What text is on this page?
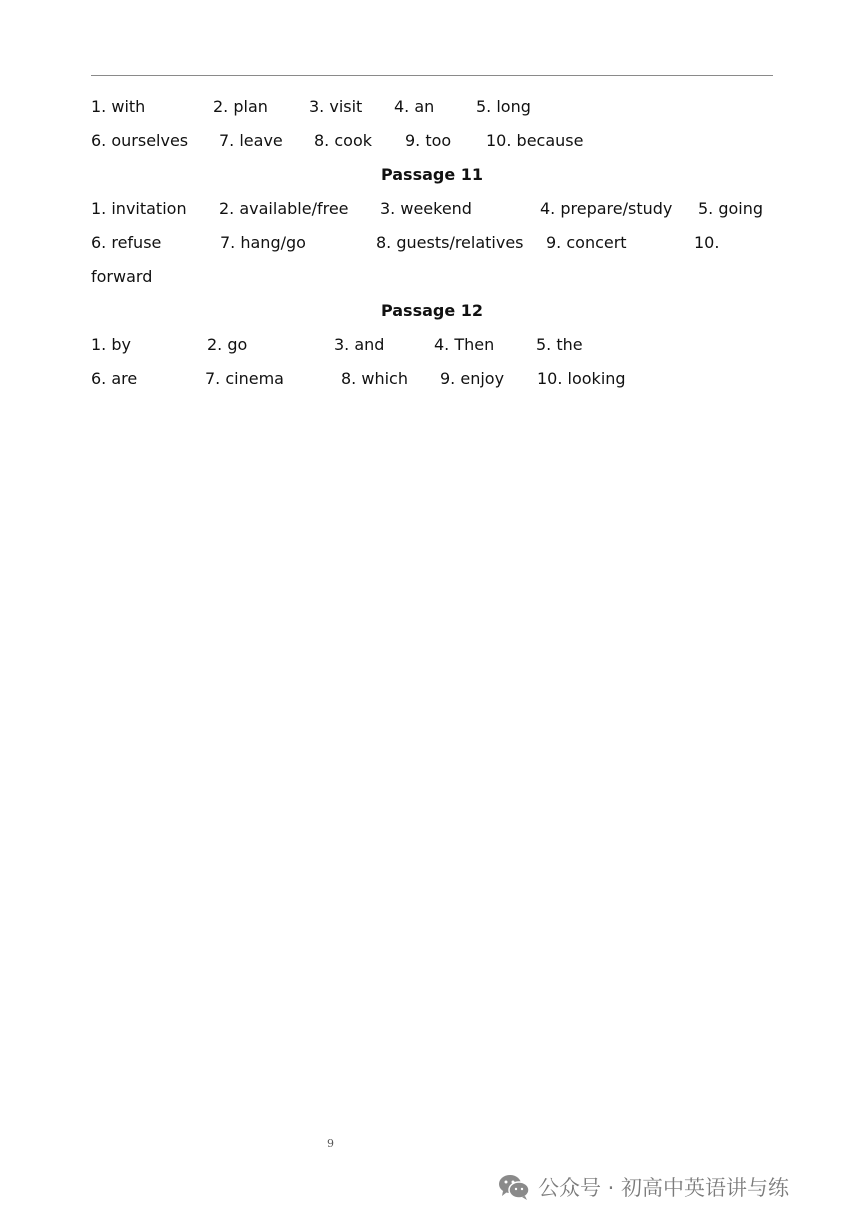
1. with	2. plan	3. visit 4. an	5. long
6. ourselves 7. leave 8. cook 9. too 10. because
Passage 11
1. invitation 2. available/free 3. weekend	4. prepare/study 5. going
6. refuse	7. hang/go	8. guests/relatives 9. concert	10.
forward
Passage 12
1. by	2. go	3. and	4. Then	5. the
6. are	7. cinema	8. which 9. enjoy 10. looking
9
公众号 · 初高中英语讲与练
